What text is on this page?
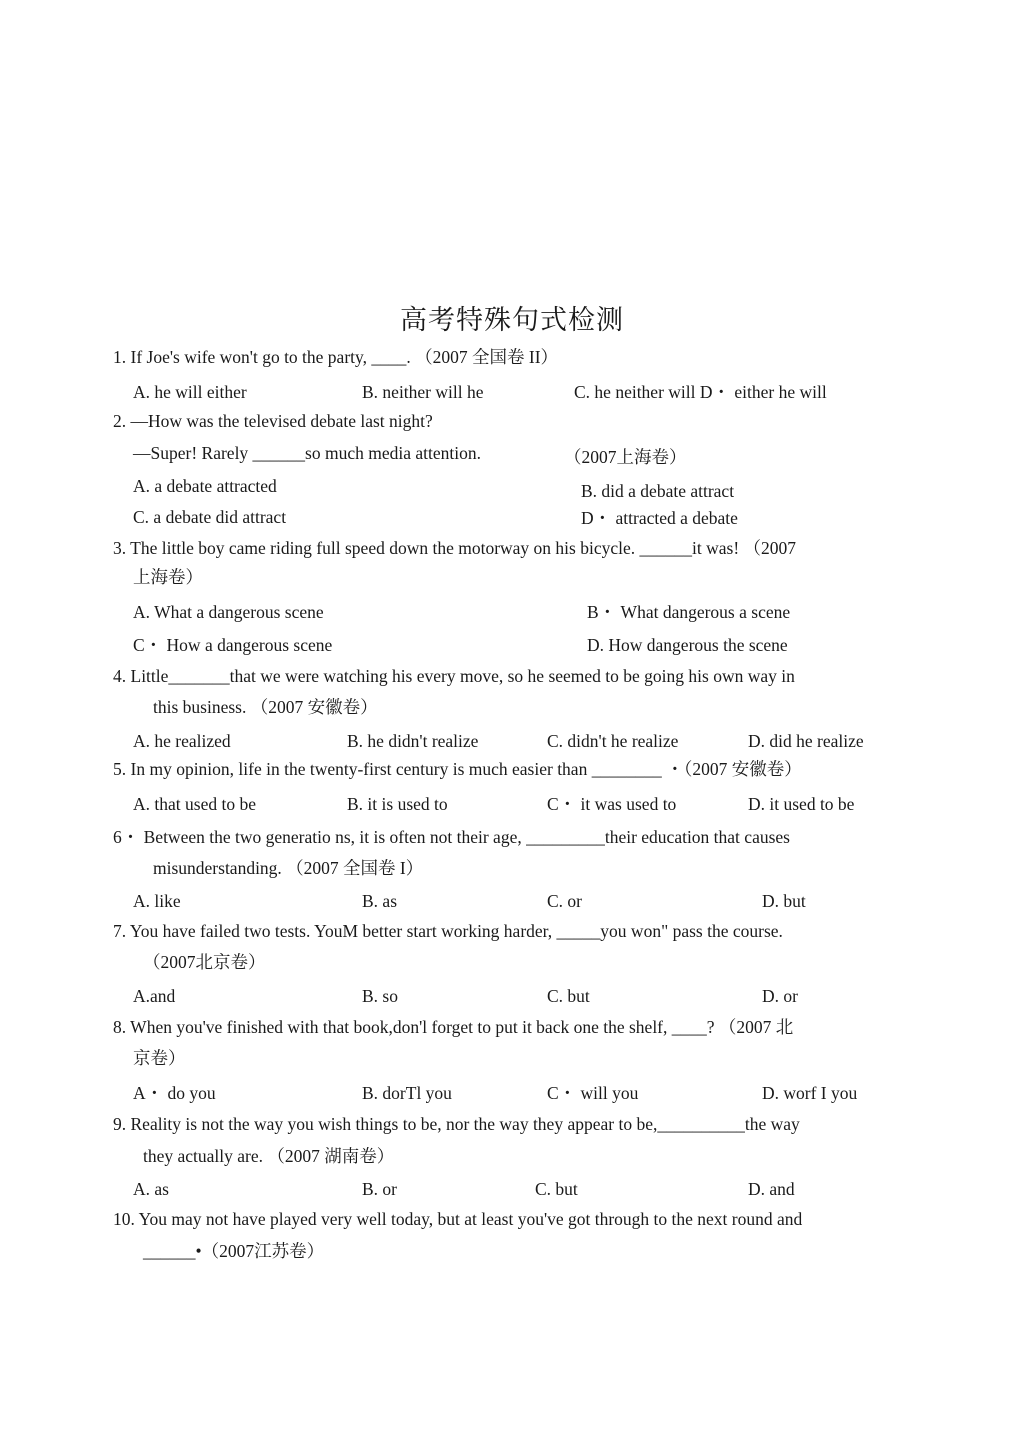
高考特殊句式检测
1. If Joe's wife won't go to the party, ____. （2007 全国卷 II）
A. he will either	B. neither will he	C. he neither will D・ either he will
2. —How was the televised debate last night?
—Super! Rarely ______so much media attention.	（2007上海卷）
A. a debate attracted	B. did a debate attract
C. a debate did attract	D・ attracted a debate
3. The little boy came riding full speed down the motorway on his bicycle. ______it was! （2007
上海卷）
A. What a dangerous scene	B・ What dangerous a scene
C・ How a dangerous scene	D. How dangerous the scene
4. Little_______that we were watching his every move, so he seemed to be going his own way in
this business. （2007 安徽卷）
A. he realized	B. he didn't realize	C. didn't he realize	D. did he realize
5. In my opinion, life in the twenty-first century is much easier than ________ ・（2007 安徽卷）
A. that used to be	B. it is used to	C・ it was used to	D. it used to be
6・ Between the two generatio ns, it is often not their age, _________their education that causes
misunderstanding. （2007 全国卷 I）
A. like	B. as	C. or	D. but
7. You have failed two tests. YouM better start working harder, _____you won" pass the course.
（2007北京卷）
A.and	B. so	C. but	D. or
8. When you've finished with that book,don'l forget to put it back one the shelf, ____? （2007 北
京卷）
A・ do you	B. dorTl you	C・ will you	D. worf I you
9. Reality is not the way you wish things to be, nor the way they appear to be,__________the way
they actually are. （2007 湖南卷）
A. as	B. or	C. but	D. and
10. You may not have played very well today, but at least you've got through to the next round and
______•（2007江苏卷）
